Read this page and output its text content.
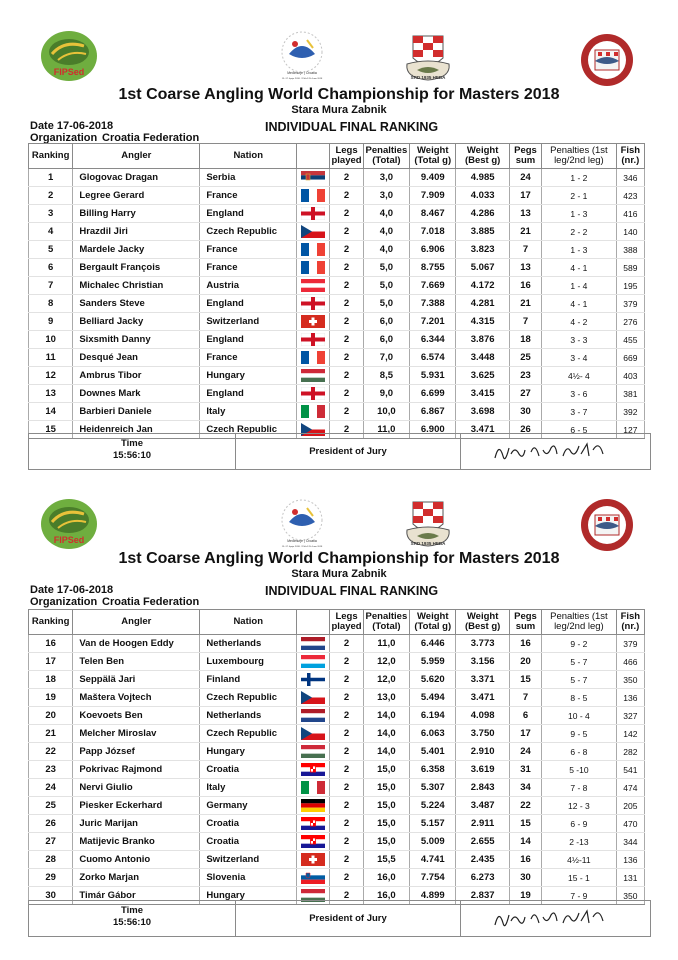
FIPSed	Međimurje | Croatia
15.-17. lipnja 2018. / 15th-17th June 2018	ŠRD 1935 HEBA
1st Coarse Angling World Championship for Masters 2018
Stara Mura Zabnik
Date 17-06-2018
Organization Croatia Federation
INDIVIDUAL FINAL RANKING
Ranking	Angler	Nation		Legs played	Penalties (Total)	Weight (Total g)	Weight (Best g)	Pegs sum	Penalties (1st leg/2nd leg)	Fish (nr.)
1	Glogovac Dragan	Serbia		2	3,0	9.409	4.985	24	1 - 2	346
2	Legree Gerard	France		2	3,0	7.909	4.033	17	2 - 1	423
3	Billing Harry	England		2	4,0	8.467	4.286	13	1 - 3	416
4	Hrazdil Jiri	Czech Republic		2	4,0	7.018	3.885	21	2 - 2	140
5	Mardele Jacky	France		2	4,0	6.906	3.823	7	1 - 3	388
6	Bergault François	France		2	5,0	8.755	5.067	13	4 - 1	589
7	Michalec Christian	Austria		2	5,0	7.669	4.172	16	1 - 4	195
8	Sanders Steve	England		2	5,0	7.388	4.281	21	4 - 1	379
9	Belliard Jacky	Switzerland		2	6,0	7.201	4.315	7	4 - 2	276
10	Sixsmith Danny	England		2	6,0	6.344	3.876	18	3 - 3	455
11	Desqué Jean	France		2	7,0	6.574	3.448	25	3 - 4	669
12	Ambrus Tibor	Hungary		2	8,5	5.931	3.625	23	4½- 4	403
13	Downes Mark	England		2	9,0	6.699	3.415	27	3 - 6	381
14	Barbieri Daniele	Italy		2	10,0	6.867	3.698	30	3 - 7	392
15	Heidenreich Jan	Czech Republic		2	11,0	6.900	3.471	26	6 - 5	127
Time
15:56:10	President of Jury
FIPSed	Međimurje | Croatia
15.-17. lipnja 2018. / 15th-17th June 2018
ŠRD 1935 HEBA
1st Coarse Angling World Championship for Masters 2018
Stara Mura Zabnik
Date 17-06-2018
Organization Croatia Federation
INDIVIDUAL FINAL RANKING
Ranking	Angler	Nation		Legs played	Penalties (Total)	Weight (Total g)	Weight (Best g)	Pegs sum	Penalties (1st leg/2nd leg)	Fish (nr.)
16	Van de Hoogen Eddy	Netherlands		2	11,0	6.446	3.773	16	9 - 2	379
17	Telen Ben	Luxembourg		2	12,0	5.959	3.156	20	5 - 7	466
18	Seppälä Jari	Finland		2	12,0	5.620	3.371	15	5 - 7	350
19	Maštera Vojtech	Czech Republic		2	13,0	5.494	3.471	7	8 - 5	136
20	Koevoets Ben	Netherlands		2	14,0	6.194	4.098	6	10 - 4	327
21	Melcher Miroslav	Czech Republic		2	14,0	6.063	3.750	17	9 - 5	142
22	Papp József	Hungary		2	14,0	5.401	2.910	24	6 - 8	282
23	Pokrivac Rajmond	Croatia		2	15,0	6.358	3.619	31	5 -10	541
24	Nervi Giulio	Italy		2	15,0	5.307	2.843	34	7 - 8	474
25	Piesker Eckerhard	Germany		2	15,0	5.224	3.487	22	12 - 3	205
26	Juric Marijan	Croatia		2	15,0	5.157	2.911	15	6 - 9	470
27	Matijevic Branko	Croatia		2	15,0	5.009	2.655	14	2 -13	344
28	Cuomo Antonio	Switzerland		2	15,5	4.741	2.435	16	4½-11	136
29	Zorko Marjan	Slovenia		2	16,0	7.754	6.273	30	15 - 1	131
30	Timár Gábor	Hungary		2	16,0	4.899	2.837	19	7 - 9	350
Time
15:56:10	President of Jury
